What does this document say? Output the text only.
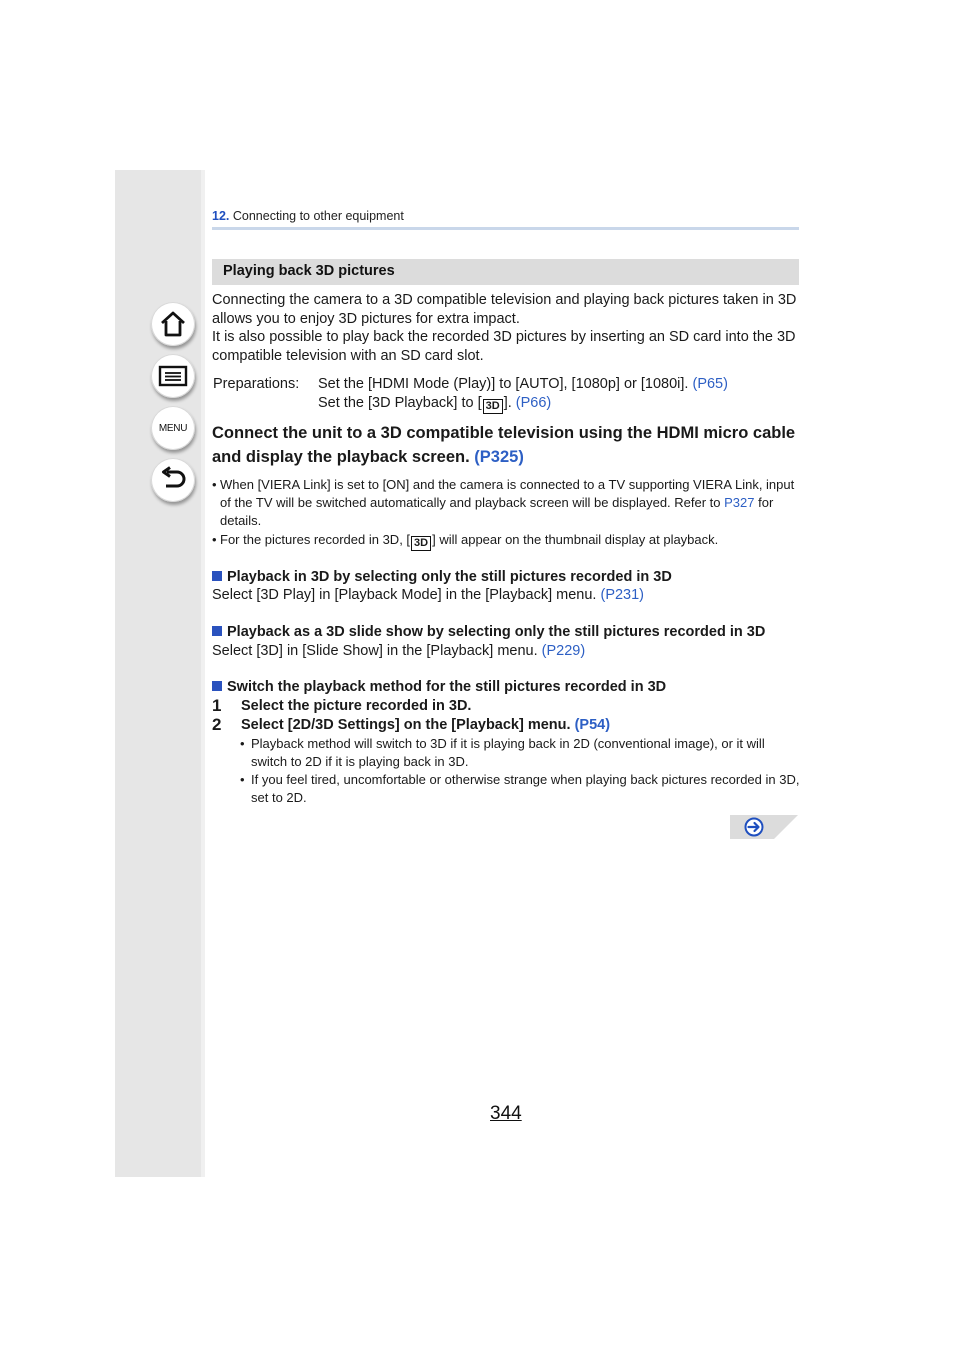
MENU
12. Connecting to other equipment
Playing back 3D pictures
Connecting the camera to a 3D compatible television and playing back pictures taken in 3D allows you to enjoy 3D pictures for extra impact.
It is also possible to play back the recorded 3D pictures by inserting an SD card into the 3D compatible television with an SD card slot.
Preparations: Set the [HDMI Mode (Play)] to [AUTO], [1080p] or [1080i]. (P65)
Set the [3D Playback] to [ 3D ]. (P66)
Connect the unit to a 3D compatible television using the HDMI micro cable and display the playback screen. (P325)
• When [VIERA Link] is set to [ON] and the camera is connected to a TV supporting VIERA Link, input of the TV will be switched automatically and playback screen will be displayed. Refer to P327 for details.
• For the pictures recorded in 3D, [ 3D ] will appear on the thumbnail display at playback.
Playback in 3D by selecting only the still pictures recorded in 3D
Select [3D Play] in [Playback Mode] in the [Playback] menu. (P231)
Playback as a 3D slide show by selecting only the still pictures recorded in 3D
Select [3D] in [Slide Show] in the [Playback] menu. (P229)
Switch the playback method for the still pictures recorded in 3D
1 Select the picture recorded in 3D.
2 Select [2D/3D Settings] on the [Playback] menu. (P54)
• Playback method will switch to 3D if it is playing back in 2D (conventional image), or it will switch to 2D if it is playing back in 3D.
• If you feel tired, uncomfortable or otherwise strange when playing back pictures recorded in 3D, set to 2D.
344
